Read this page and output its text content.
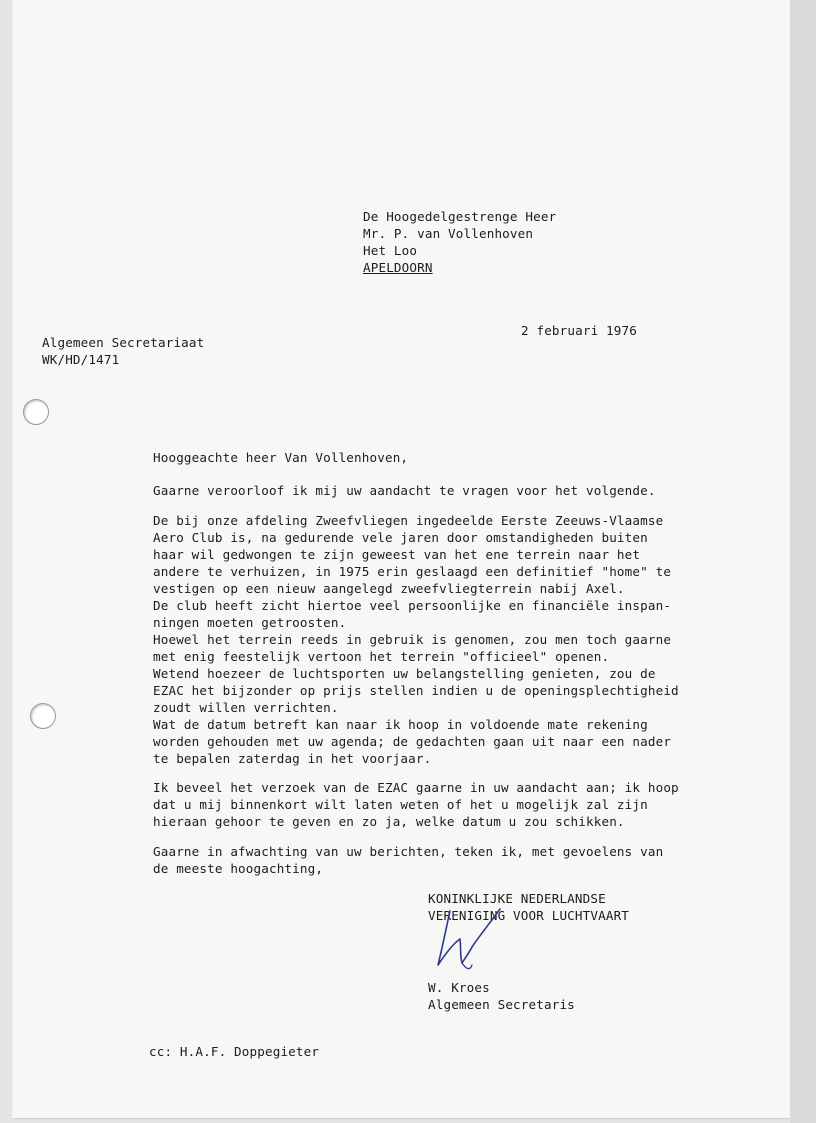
De Hoogedelgestrenge Heer

Mr. P. van Vollenhoven

Het Loo

APELDOORN

2 februari 1976

Algemeen Secretariaat

WK/HD/1471

Hooggeachte heer Van Vollenhoven,

Gaarne veroorloof ik mij uw aandacht te vragen voor het volgende.

De bij onze afdeling Zweefvliegen ingedeelde Eerste Zeeuws-Vlaamse

Aero Club is, na gedurende vele jaren door omstandigheden buiten

haar wil gedwongen te zijn geweest van het ene terrein naar het

andere te verhuizen, in 1975 erin geslaagd een definitief "home" te

vestigen op een nieuw aangelegd zweefvliegterrein nabij Axel.

De club heeft zicht hiertoe veel persoonlijke en financiële inspan-

ningen moeten getroosten.

Hoewel het terrein reeds in gebruik is genomen, zou men toch gaarne

met enig feestelijk vertoon het terrein "officieel" openen.

Wetend hoezeer de luchtsporten uw belangstelling genieten, zou de

EZAC het bijzonder op prijs stellen indien u de openingsplechtigheid

zoudt willen verrichten.

Wat de datum betreft kan naar ik hoop in voldoende mate rekening

worden gehouden met uw agenda; de gedachten gaan uit naar een nader

te bepalen zaterdag in het voorjaar.

Ik beveel het verzoek van de EZAC gaarne in uw aandacht aan; ik hoop

dat u mij binnenkort wilt laten weten of het u mogelijk zal zijn

hieraan gehoor te geven en zo ja, welke datum u zou schikken.

Gaarne in afwachting van uw berichten, teken ik, met gevoelens van

de meeste hoogachting,

KONINKLIJKE NEDERLANDSE

VERENIGING VOOR LUCHTVAART

W. Kroes

Algemeen Secretaris

cc: H.A.F. Doppegieter
